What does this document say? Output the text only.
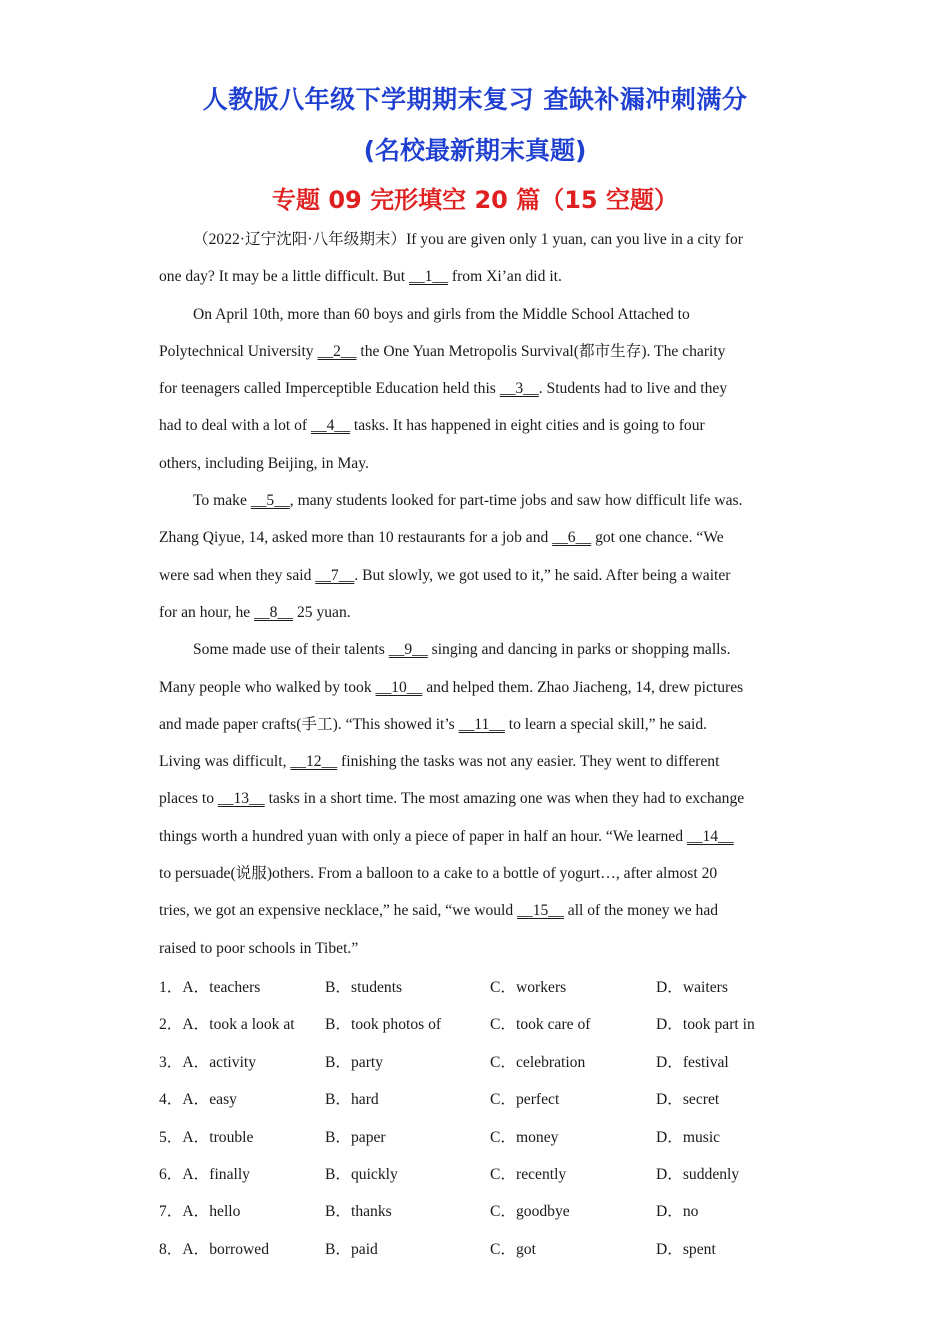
人教版八年级下学期期末复习 查缺补漏冲刺满分
(名校最新期末真题)
专题 09 完形填空 20 篇（15 空题）
（2022·辽宁沈阳·八年级期末）If you are given only 1 yuan, can you live in a city for
one day? It may be a little difficult. But __1__ from Xi’an did it.
On April 10th, more than 60 boys and girls from the Middle School Attached to
Polytechnical University __2__ the One Yuan Metropolis Survival(都市生存). The charity
for teenagers called Imperceptible Education held this __3__. Students had to live and they
had to deal with a lot of __4__ tasks. It has happened in eight cities and is going to four
others, including Beijing, in May.
To make __5__, many students looked for part-time jobs and saw how difficult life was.
Zhang Qiyue, 14, asked more than 10 restaurants for a job and __6__ got one chance. “We
were sad when they said __7__. But slowly, we got used to it,” he said. After being a waiter
for an hour, he __8__ 25 yuan.
Some made use of their talents __9__ singing and dancing in parks or shopping malls.
Many people who walked by took __10__ and helped them. Zhao Jiacheng, 14, drew pictures
and made paper crafts(手工). “This showed it’s __11__ to learn a special skill,” he said.
Living was difficult, __12__ finishing the tasks was not any easier. They went to different
places to __13__ tasks in a short time. The most amazing one was when they had to exchange
things worth a hundred yuan with only a piece of paper in half an hour. “We learned __14__
to persuade(说服)others. From a balloon to a cake to a bottle of yogurt…, after almost 20
tries, we got an expensive necklace,” he said, “we would __15__ all of the money we had
raised to poor schools in Tibet.”
1．A．teachers	B．students	C．workers	D．waiters
2．A．took a look at B．took photos of	C．took care of	D．took part in
3．A．activity	B．party	C．celebration	D．festival
4．A．easy	B．hard	C．perfect	D．secret
5．A．trouble	B．paper	C．money	D．music
6．A．finally	B．quickly	C．recently	D．suddenly
7．A．hello	B．thanks	C．goodbye	D．no
8．A．borrowed	B．paid	C．got	D．spent
